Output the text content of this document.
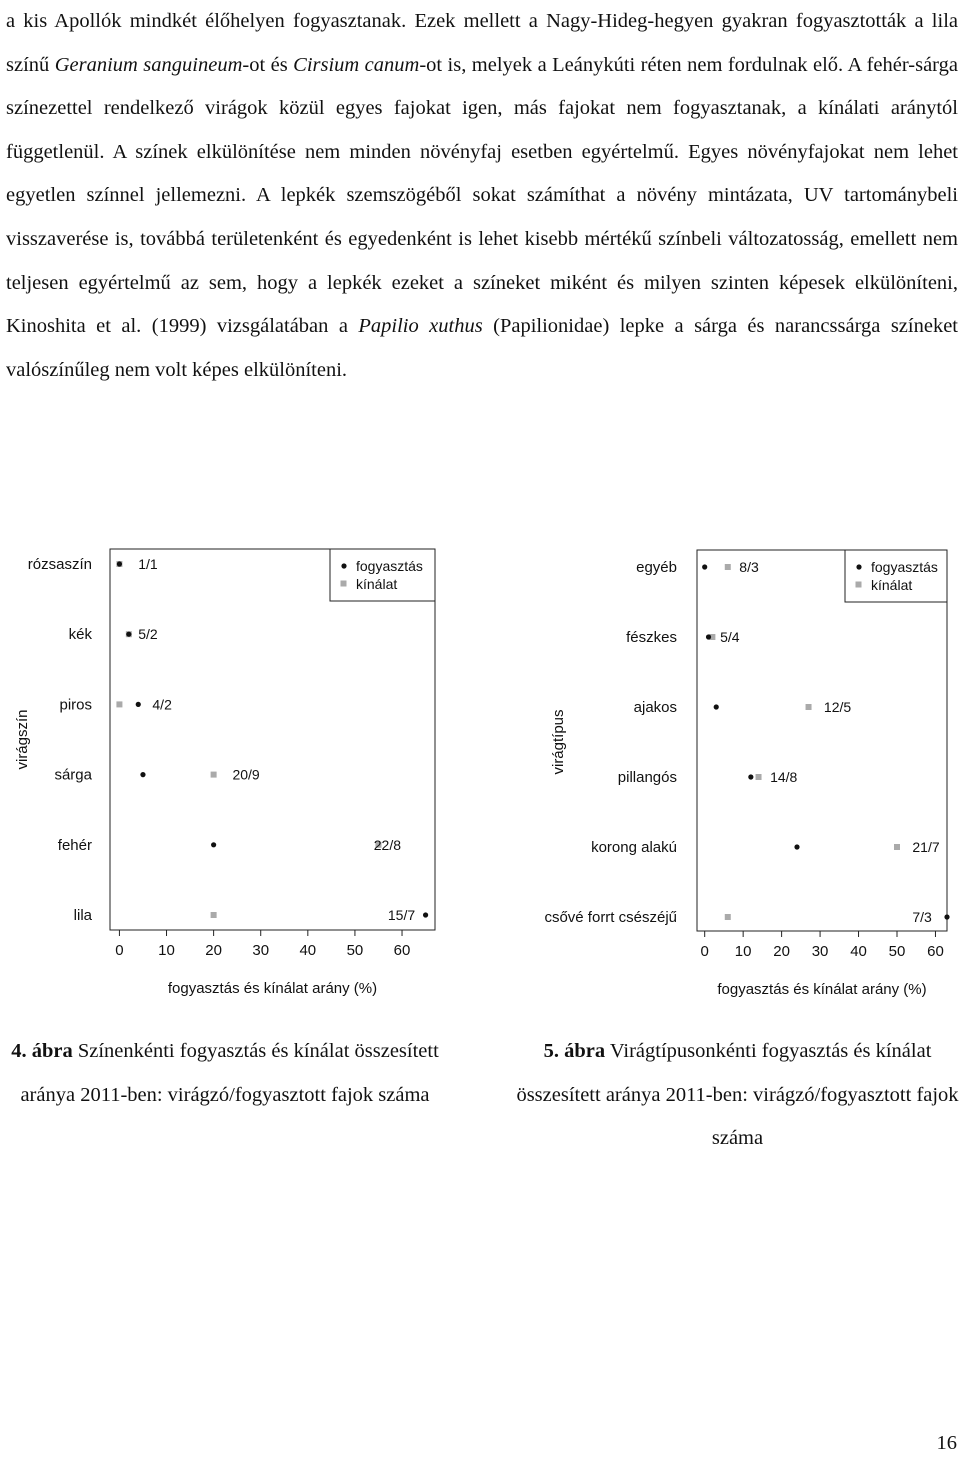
a kis Apollók mindkét élőhelyen fogyasztanak. Ezek mellett a Nagy-Hideg-hegyen gyakran fogyasztották a lila színű Geranium sanguineum-ot és Cirsium canum-ot is, melyek a Leánykúti réten nem fordulnak elő. A fehér-sárga színezettel rendelkező virágok közül egyes fajokat igen, más fajokat nem fogyasztanak, a kínálati aránytól függetlenül. A színek elkülönítése nem minden növényfaj esetben egyértelmű. Egyes növényfajokat nem lehet egyetlen színnel jellemezni. A lepkék szemszögéből sokat számíthat a növény mintázata, UV tartománybeli visszaverése is, továbbá területenként és egyedenként is lehet kisebb mértékű színbeli változatosság, emellett nem teljesen egyértelmű az sem, hogy a lepkék ezeket a színeket miként és milyen szinten képesek elkülöníteni, Kinoshita et al. (1999) vizsgálatában a Papilio xuthus (Papilionidae) lepke a sárga és narancssárga színeket valószínűleg nem volt képes elkülöníteni.

fogyasztás
kínálat
rózsaszín	1/1
kék	5/2
piros	4/2
sárga	20/9
fehér	22/8
lila	15/7
0 10 20 30 40 50 60
fogyasztás és kínálat arány (%)
virágszín
fogyasztás
kínálat
egyéb	8/3
fészkes	5/4
ajakos	12/5
pillangós	14/8
korong alakú	21/7
csővé forrt csészéjű	7/3
0 10 20 30 40 50 60
fogyasztás és kínálat arány (%)
virágtípus

4. ábra Színenkénti fogyasztás és kínálat összesített aránya 2011-ben: virágzó/fogyasztott fajok száma

5. ábra Virágtípusonkénti fogyasztás és kínálat összesített aránya 2011-ben: virágzó/fogyasztott fajok száma

16
